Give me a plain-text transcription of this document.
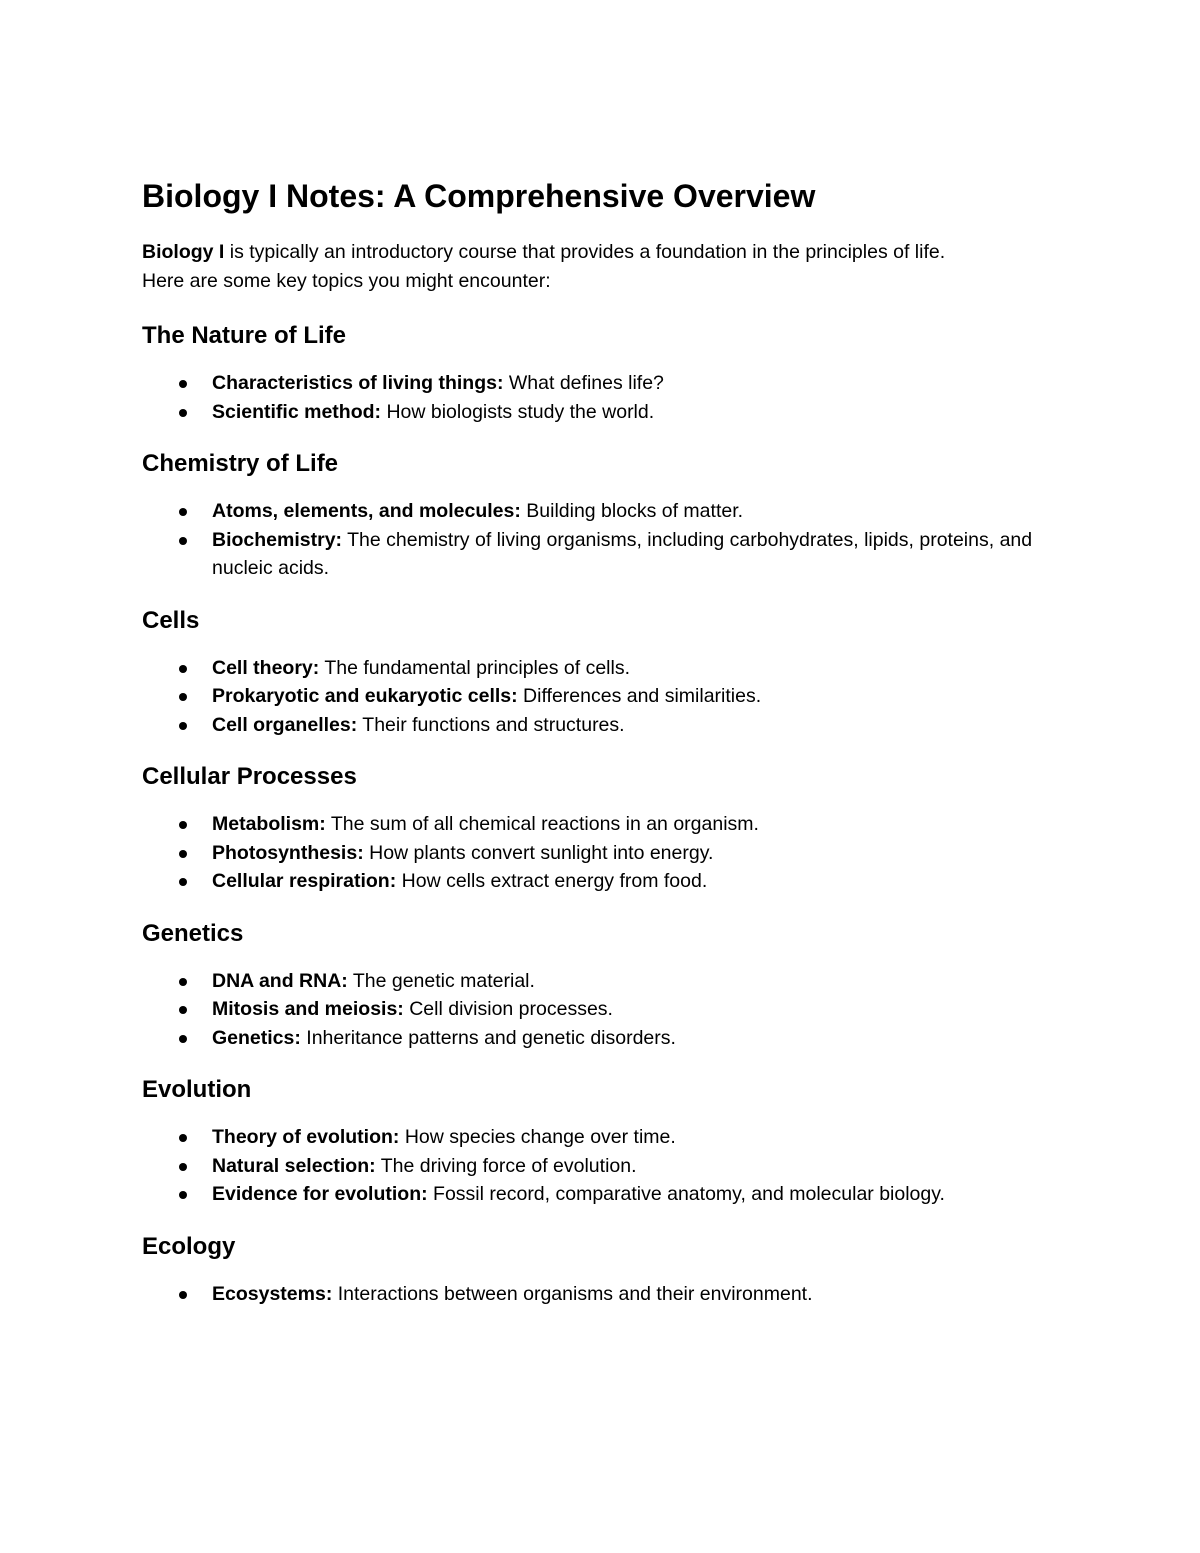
Biology I Notes: A Comprehensive Overview

Biology I is typically an introductory course that provides a foundation in the principles of life.
Here are some key topics you might encounter:

The Nature of Life
Characteristics of living things: What defines life?
Scientific method: How biologists study the world.
Chemistry of Life
Atoms, elements, and molecules: Building blocks of matter.
Biochemistry: The chemistry of living organisms, including carbohydrates, lipids, proteins, and nucleic acids.
Cells
Cell theory: The fundamental principles of cells.
Prokaryotic and eukaryotic cells: Differences and similarities.
Cell organelles: Their functions and structures.
Cellular Processes
Metabolism: The sum of all chemical reactions in an organism.
Photosynthesis: How plants convert sunlight into energy.
Cellular respiration: How cells extract energy from food.
Genetics
DNA and RNA: The genetic material.
Mitosis and meiosis: Cell division processes.
Genetics: Inheritance patterns and genetic disorders.
Evolution
Theory of evolution: How species change over time.
Natural selection: The driving force of evolution.
Evidence for evolution: Fossil record, comparative anatomy, and molecular biology.
Ecology
Ecosystems: Interactions between organisms and their environment.
